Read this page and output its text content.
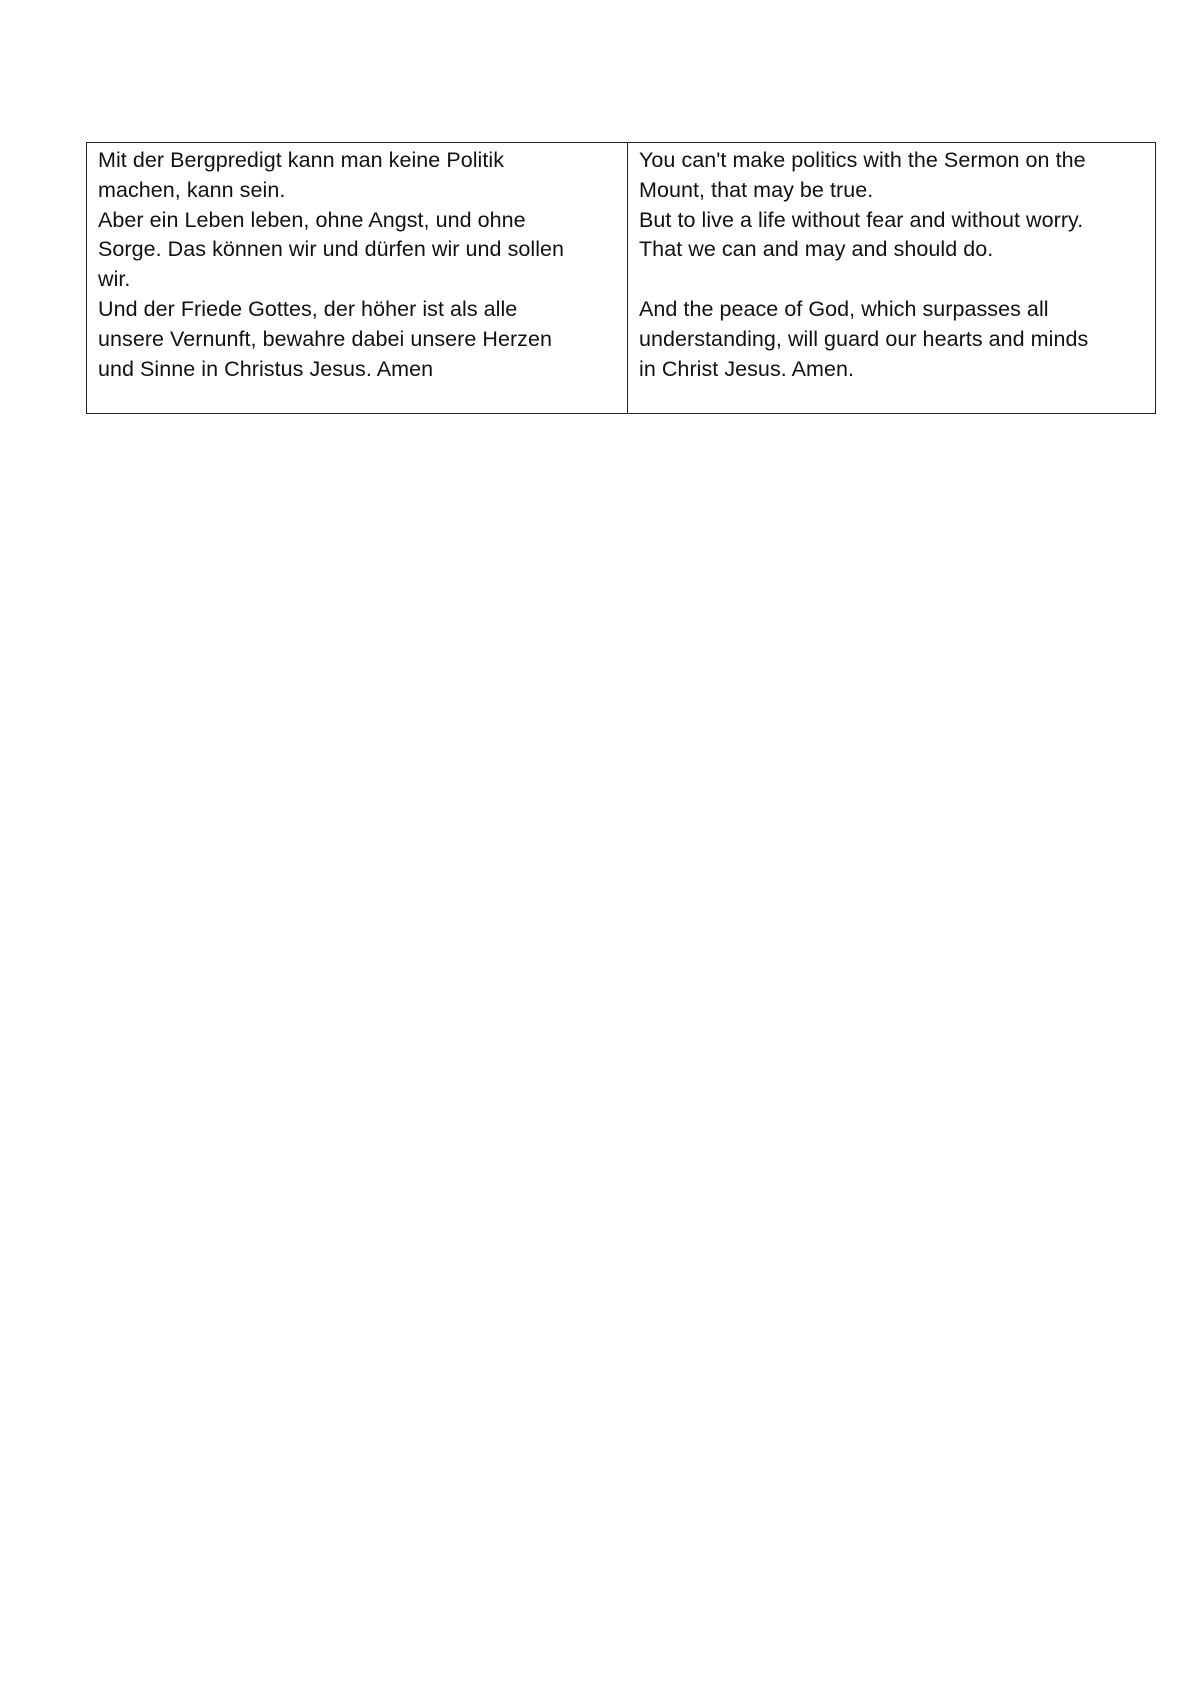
Mit der Bergpredigt kann man keine Politik
machen, kann sein.
Aber ein Leben leben, ohne Angst, und ohne
Sorge. Das können wir und dürfen wir und sollen
wir.
Und der Friede Gottes, der höher ist als alle
unsere Vernunft, bewahre dabei unsere Herzen
und Sinne in Christus Jesus. Amen

You can't make politics with the Sermon on the
Mount, that may be true.
But to live a life without fear and without worry.
That we can and may and should do.
And the peace of God, which surpasses all
understanding, will guard our hearts and minds
in Christ Jesus. Amen.
